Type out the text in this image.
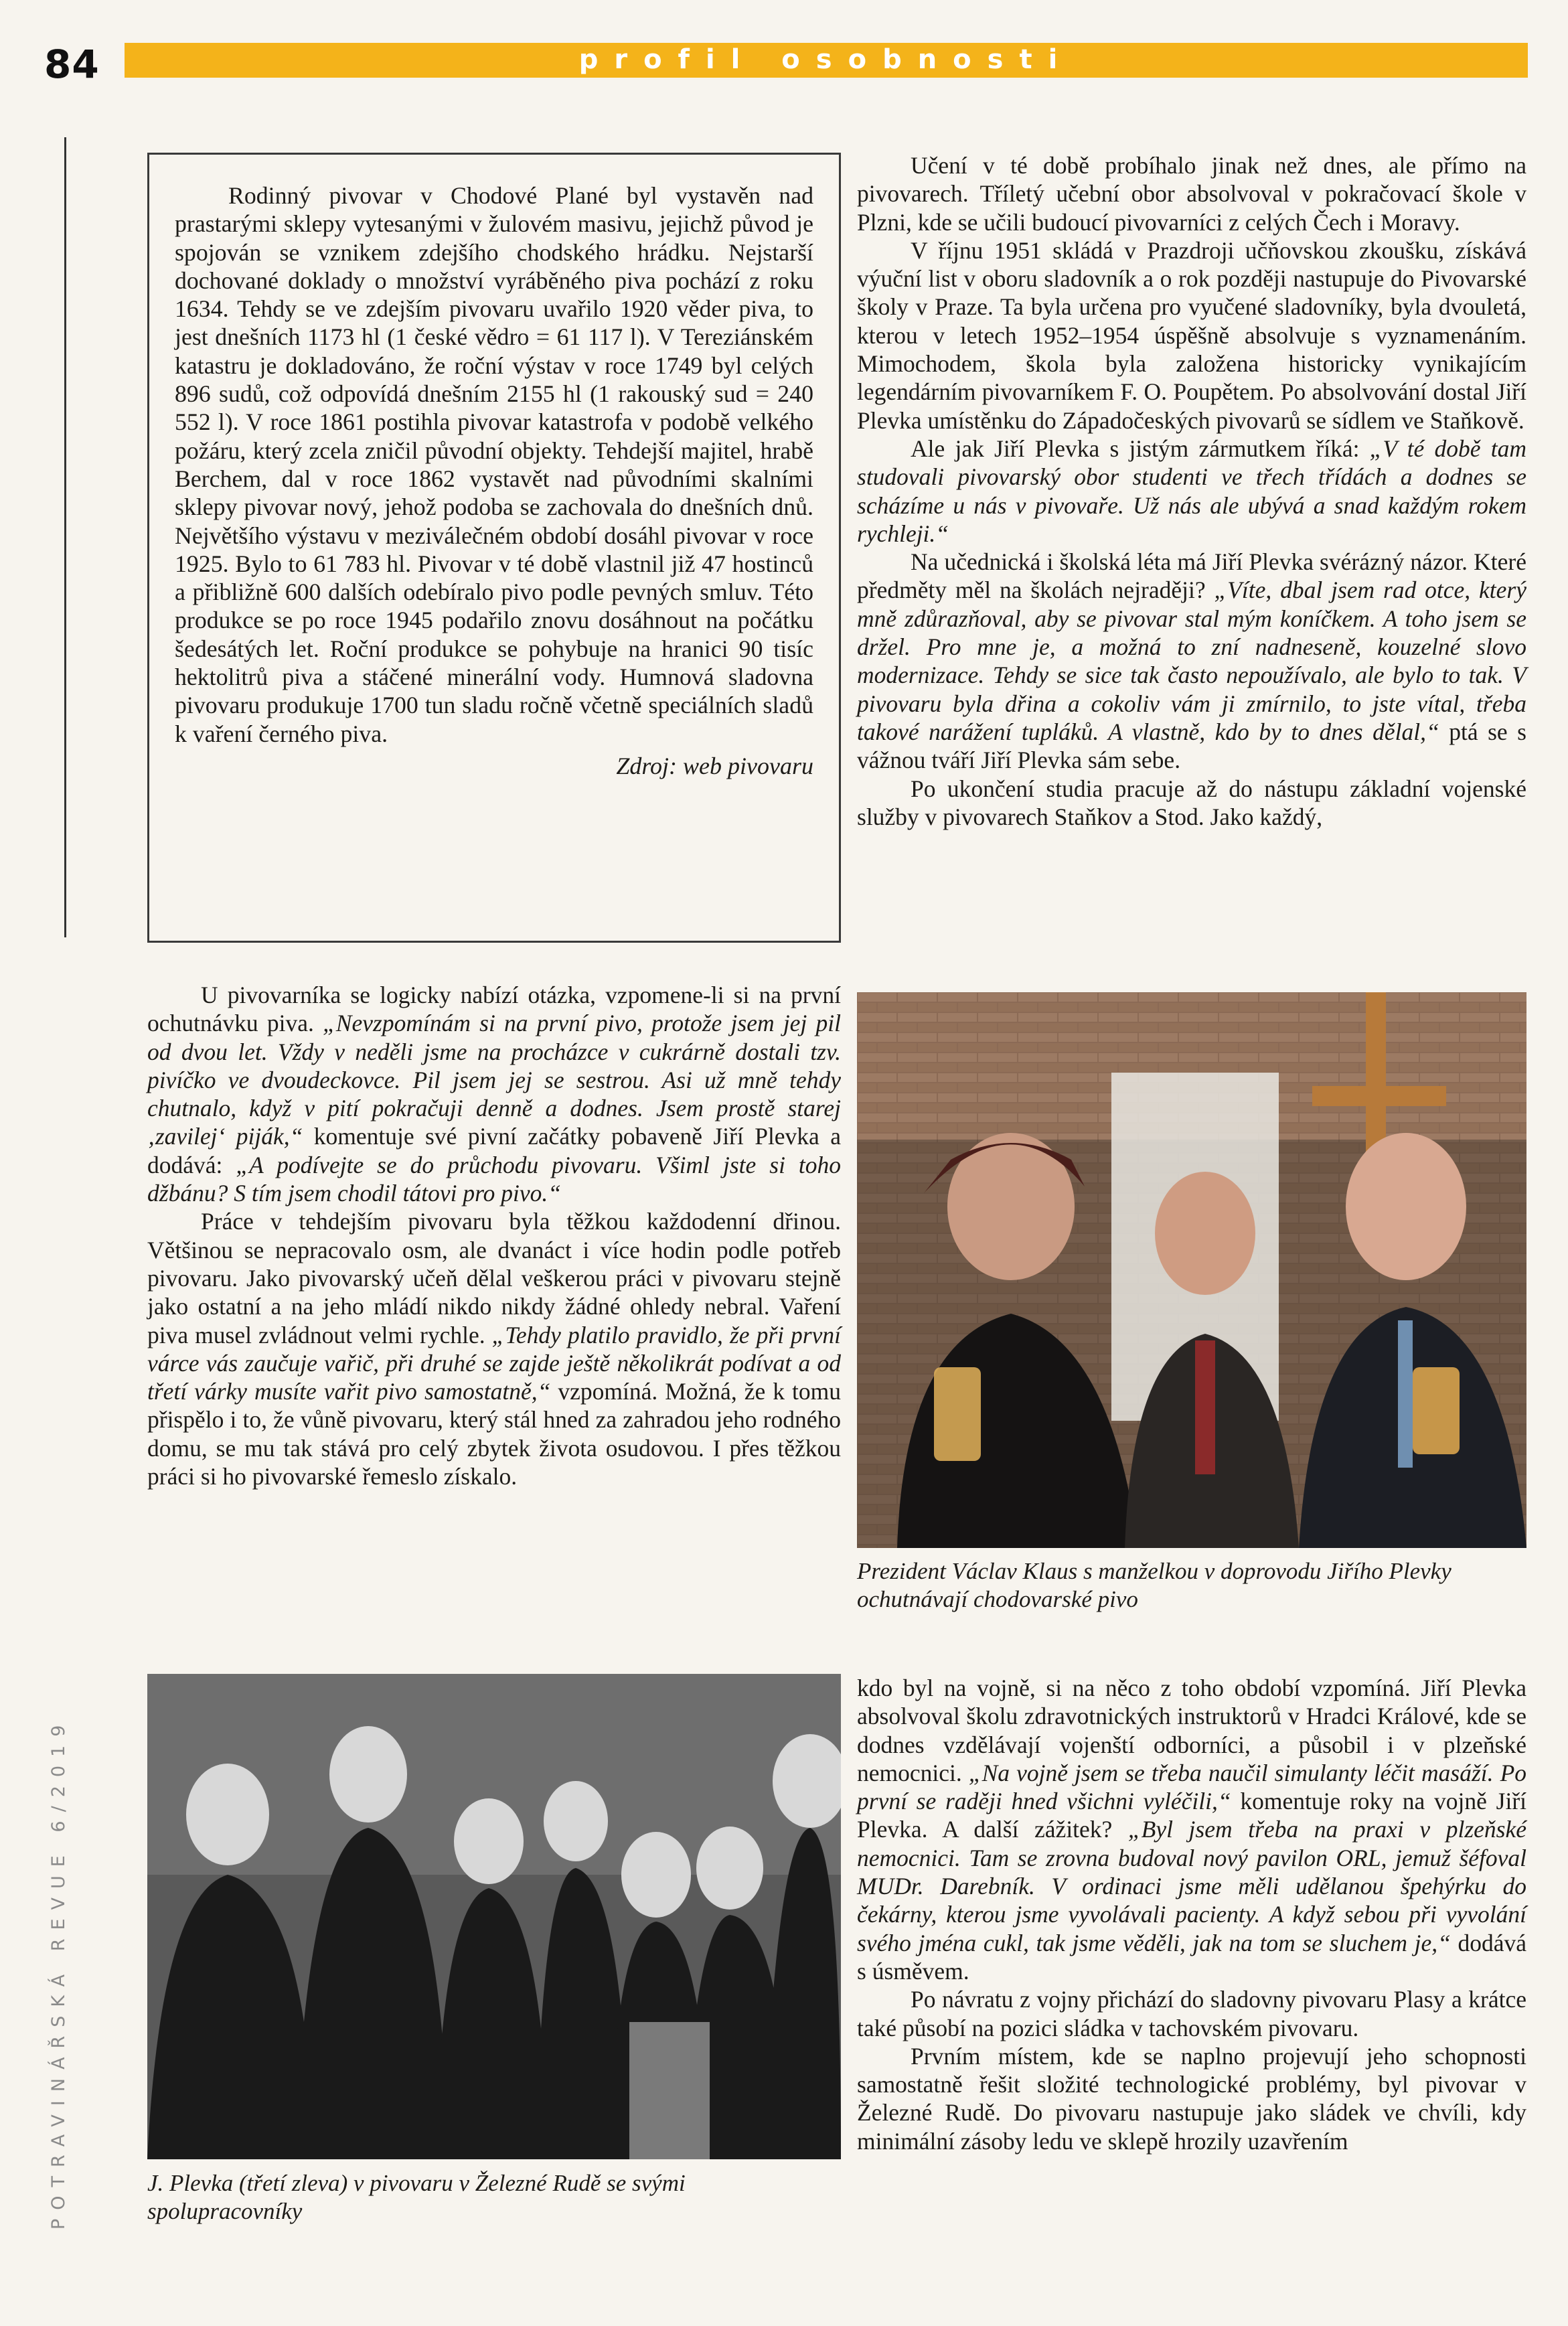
84	profil osobnosti
POTRAVINÁŘSKÁ REVUE 6/2019

Rodinný pivovar v Chodové Plané byl vystavěn nad prastarými sklepy vytesanými v žulovém masivu, jejichž původ je spojován se vznikem zdejšího chodského hrádku. Nejstarší dochované doklady o množství vyráběného piva pochází z roku 1634. Tehdy se ve zdejším pivovaru uvařilo 1920 věder piva, to jest dnešních 1173 hl (1 české vědro = 61 117 l). V Tereziánském katastru je dokladováno, že roční výstav v roce 1749 byl celých 896 sudů, což odpovídá dnešním 2155 hl (1 rakouský sud = 240 552 l). V roce 1861 postihla pivovar katastrofa v podobě velkého požáru, který zcela zničil původní objekty. Tehdejší majitel, hrabě Berchem, dal v roce 1862 vystavět nad původními skalními sklepy pivovar nový, jehož podoba se zachovala do dnešních dnů. Největšího výstavu v meziválečném období dosáhl pivovar v roce 1925. Bylo to 61 783 hl. Pivovar v té době vlastnil již 47 hostinců a přibližně 600 dalších odebíralo pivo podle pevných smluv. Této produkce se po roce 1945 podařilo znovu dosáhnout na počátku šedesátých let. Roční produkce se pohybuje na hranici 90 tisíc hektolitrů piva a stáčené minerální vody. Humnová sladovna pivovaru produkuje 1700 tun sladu ročně včetně speciálních sladů k vaření černého piva.

Zdroj: web pivovaru

U pivovarníka se logicky nabízí otázka, vzpomene-li si na první ochutnávku piva. „Nevzpomínám si na první pivo, protože jsem jej pil od dvou let. Vždy v neděli jsme na procházce v cukrárně dostali tzv. pivíčko ve dvoudeckovce. Pil jsem jej se sestrou. Asi už mně tehdy chutnalo, když v pití pokračuji denně a dodnes. Jsem prostě starej ‚zavilej‘ piják,“ komentuje své pivní začátky pobaveně Jiří Plevka a dodává: „A podívejte se do průchodu pivovaru. Všiml jste si toho džbánu? S tím jsem chodil tátovi pro pivo.“

Práce v tehdejším pivovaru byla těžkou každodenní dřinou. Většinou se nepracovalo osm, ale dvanáct i více hodin podle potřeb pivovaru. Jako pivovarský učeň dělal veškerou práci v pivovaru stejně jako ostatní a na jeho mládí nikdo nikdy žádné ohledy nebral. Vaření piva musel zvládnout velmi rychle. „Tehdy platilo pravidlo, že při první várce vás zaučuje vařič, při druhé se zajde ještě několikrát podívat a od třetí várky musíte vařit pivo samostatně,“ vzpomíná. Možná, že k tomu přispělo i to, že vůně pivovaru, který stál hned za zahradou jeho rodného domu, se mu tak stává pro celý zbytek života osudovou. I přes těžkou práci si ho pivovarské řemeslo získalo.

Učení v té době probíhalo jinak než dnes, ale přímo na pivovarech. Tříletý učební obor absolvoval v pokračovací škole v Plzni, kde se učili budoucí pivovarníci z celých Čech i Moravy.

V říjnu 1951 skládá v Prazdroji učňovskou zkoušku, získává výuční list v oboru sladovník a o rok později nastupuje do Pivovarské školy v Praze. Ta byla určena pro vyučené sladovníky, byla dvouletá, kterou v letech 1952–1954 úspěšně absolvuje s vyznamenáním. Mimochodem, škola byla založena historicky vynikajícím legendárním pivovarníkem F. O. Poupětem. Po absolvování dostal Jiří Plevka umístěnku do Západočeských pivovarů se sídlem ve Staňkově.

Ale jak Jiří Plevka s jistým zármutkem říká: „V té době tam studovali pivovarský obor studenti ve třech třídách a dodnes se scházíme u nás v pivovaře. Už nás ale ubývá a snad každým rokem rychleji.“

Na učednická i školská léta má Jiří Plevka svérázný názor. Které předměty měl na školách nejraději? „Víte, dbal jsem rad otce, který mně zdůrazňoval, aby se pivovar stal mým koníčkem. A toho jsem se držel. Pro mne je, a možná to zní nadneseně, kouzelné slovo modernizace. Tehdy se sice tak často nepoužívalo, ale bylo to tak. V pivovaru byla dřina a cokoliv vám ji zmírnilo, to jste vítal, třeba takové narážení tupláků. A vlastně, kdo by to dnes dělal,“ ptá se s vážnou tváří Jiří Plevka sám sebe.

Po ukončení studia pracuje až do nástupu základní vojenské služby v pivovarech Staňkov a Stod. Jako každý,

Prezident Václav Klaus s manželkou v doprovodu Jiřího Plevky ochutnávají chodovarské pivo
J. Plevka (třetí zleva) v pivovaru v Železné Rudě se svými spolupracovníky

kdo byl na vojně, si na něco z toho období vzpomíná. Jiří Plevka absolvoval školu zdravotnických instruktorů v Hradci Králové, kde se dodnes vzdělávají vojenští odborníci, a působil i v plzeňské nemocnici. „Na vojně jsem se třeba naučil simulanty léčit masáží. Po první se raději hned všichni vyléčili,“ komentuje roky na vojně Jiří Plevka. A další zážitek? „Byl jsem třeba na praxi v plzeňské nemocnici. Tam se zrovna budoval nový pavilon ORL, jemuž šéfoval MUDr. Darebník. V ordinaci jsme měli udělanou špehýrku do čekárny, kterou jsme vyvolávali pacienty. A když sebou při vyvolání svého jména cukl, tak jsme věděli, jak na tom se sluchem je,“ dodává s úsměvem.

Po návratu z vojny přichází do sladovny pivovaru Plasy a krátce také působí na pozici sládka v tachovském pivovaru.

Prvním místem, kde se naplno projevují jeho schopnosti samostatně řešit složité technologické problémy, byl pivovar v Železné Rudě. Do pivovaru nastupuje jako sládek ve chvíli, kdy minimální zásoby ledu ve sklepě hrozily uzavřením
